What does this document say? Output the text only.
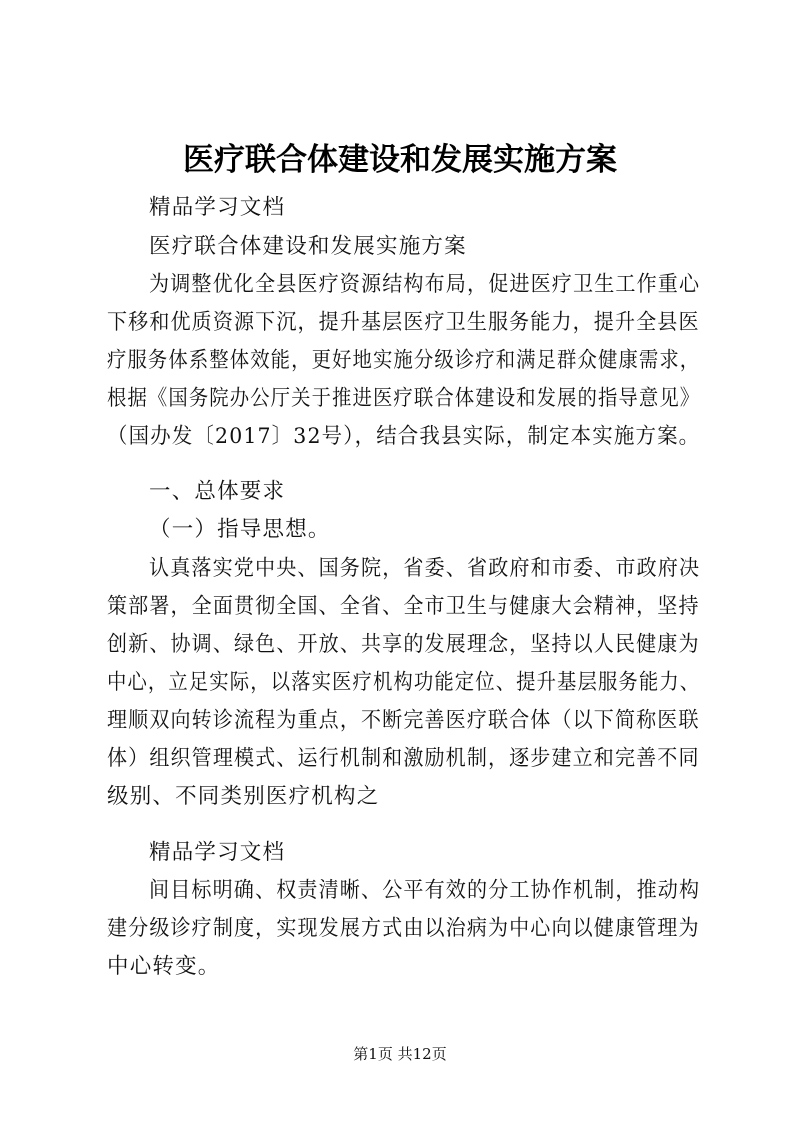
医疗联合体建设和发展实施方案
精品学习文档
医疗联合体建设和发展实施方案
为调整优化全县医疗资源结构布局，促进医疗卫生工作重心
下移和优质资源下沉，提升基层医疗卫生服务能力，提升全县医
疗服务体系整体效能，更好地实施分级诊疗和满足群众健康需求，
根据《国务院办公厅关于推进医疗联合体建设和发展的指导意见》
（国办发〔2017〕32号），结合我县实际，制定本实施方案。
一、总体要求
（一）指导思想。
认真落实党中央、国务院，省委、省政府和市委、市政府决
策部署，全面贯彻全国、全省、全市卫生与健康大会精神，坚持
创新、协调、绿色、开放、共享的发展理念，坚持以人民健康为
中心，立足实际，以落实医疗机构功能定位、提升基层服务能力、
理顺双向转诊流程为重点，不断完善医疗联合体（以下简称医联
体）组织管理模式、运行机制和激励机制，逐步建立和完善不同
级别、不同类别医疗机构之
精品学习文档
间目标明确、权责清晰、公平有效的分工协作机制，推动构
建分级诊疗制度，实现发展方式由以治病为中心向以健康管理为
中心转变。
第1页 共12页
